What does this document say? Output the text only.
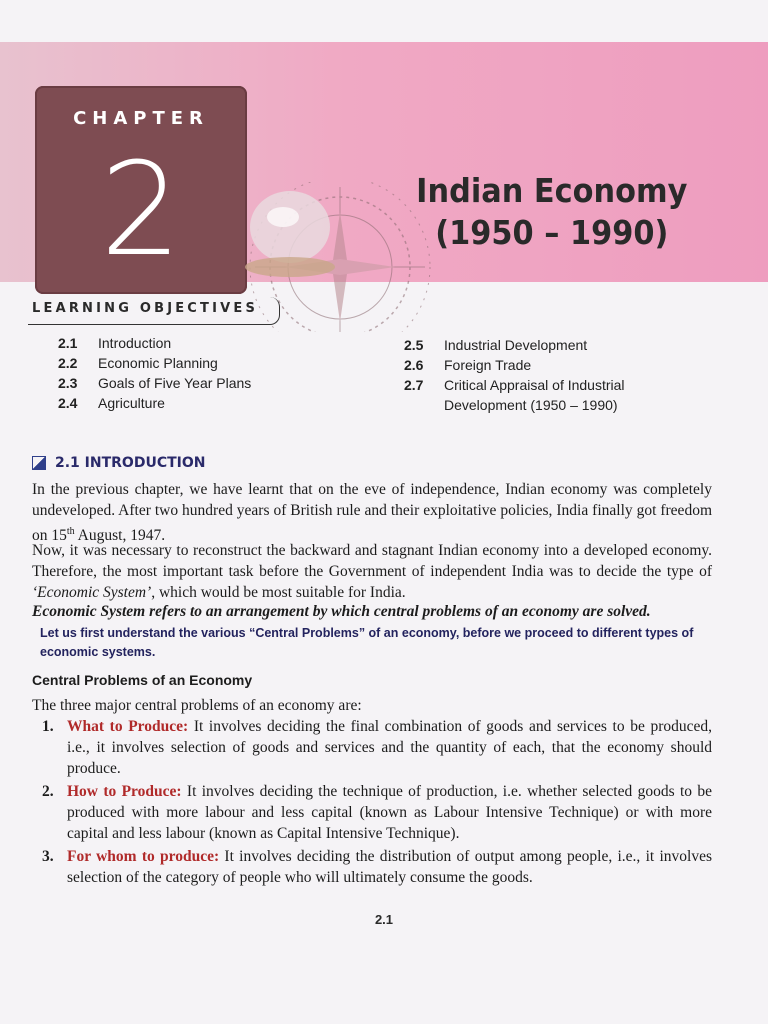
CHAPTER
2	Indian Economy
(1950 – 1990)
LEARNING OBJECTIVES
2.1	Introduction
2.2	Economic Planning
2.3	Goals of Five Year Plans
2.4	Agriculture
2.5	Industrial Development
2.6	Foreign Trade
2.7	Critical Appraisal of Industrial Development (1950 – 1990)
2.1 INTRODUCTION

In the previous chapter, we have learnt that on the eve of independence, Indian economy was completely undeveloped. After two hundred years of British rule and their exploitative policies, India finally got freedom on 15th August, 1947.

Now, it was necessary to reconstruct the backward and stagnant Indian economy into a developed economy. Therefore, the most important task before the Government of independent India was to decide the type of ‘Economic System’, which would be most suitable for India.

Economic System refers to an arrangement by which central problems of an economy are solved.

Let us first understand the various “Central Problems” of an economy, before we proceed to different types of economic systems.

Central Problems of an Economy

The three major central problems of an economy are:

1. What to Produce: It involves deciding the final combination of goods and services to be produced, i.e., it involves selection of goods and services and the quantity of each, that the economy should produce.
2. How to Produce: It involves deciding the technique of production, i.e. whether selected goods to be produced with more labour and less capital (known as Labour Intensive Technique) or with more capital and less labour (known as Capital Intensive Technique).
3. For whom to produce: It involves deciding the distribution of output among people, i.e., it involves selection of the category of people who will ultimately consume the goods.
2.1
